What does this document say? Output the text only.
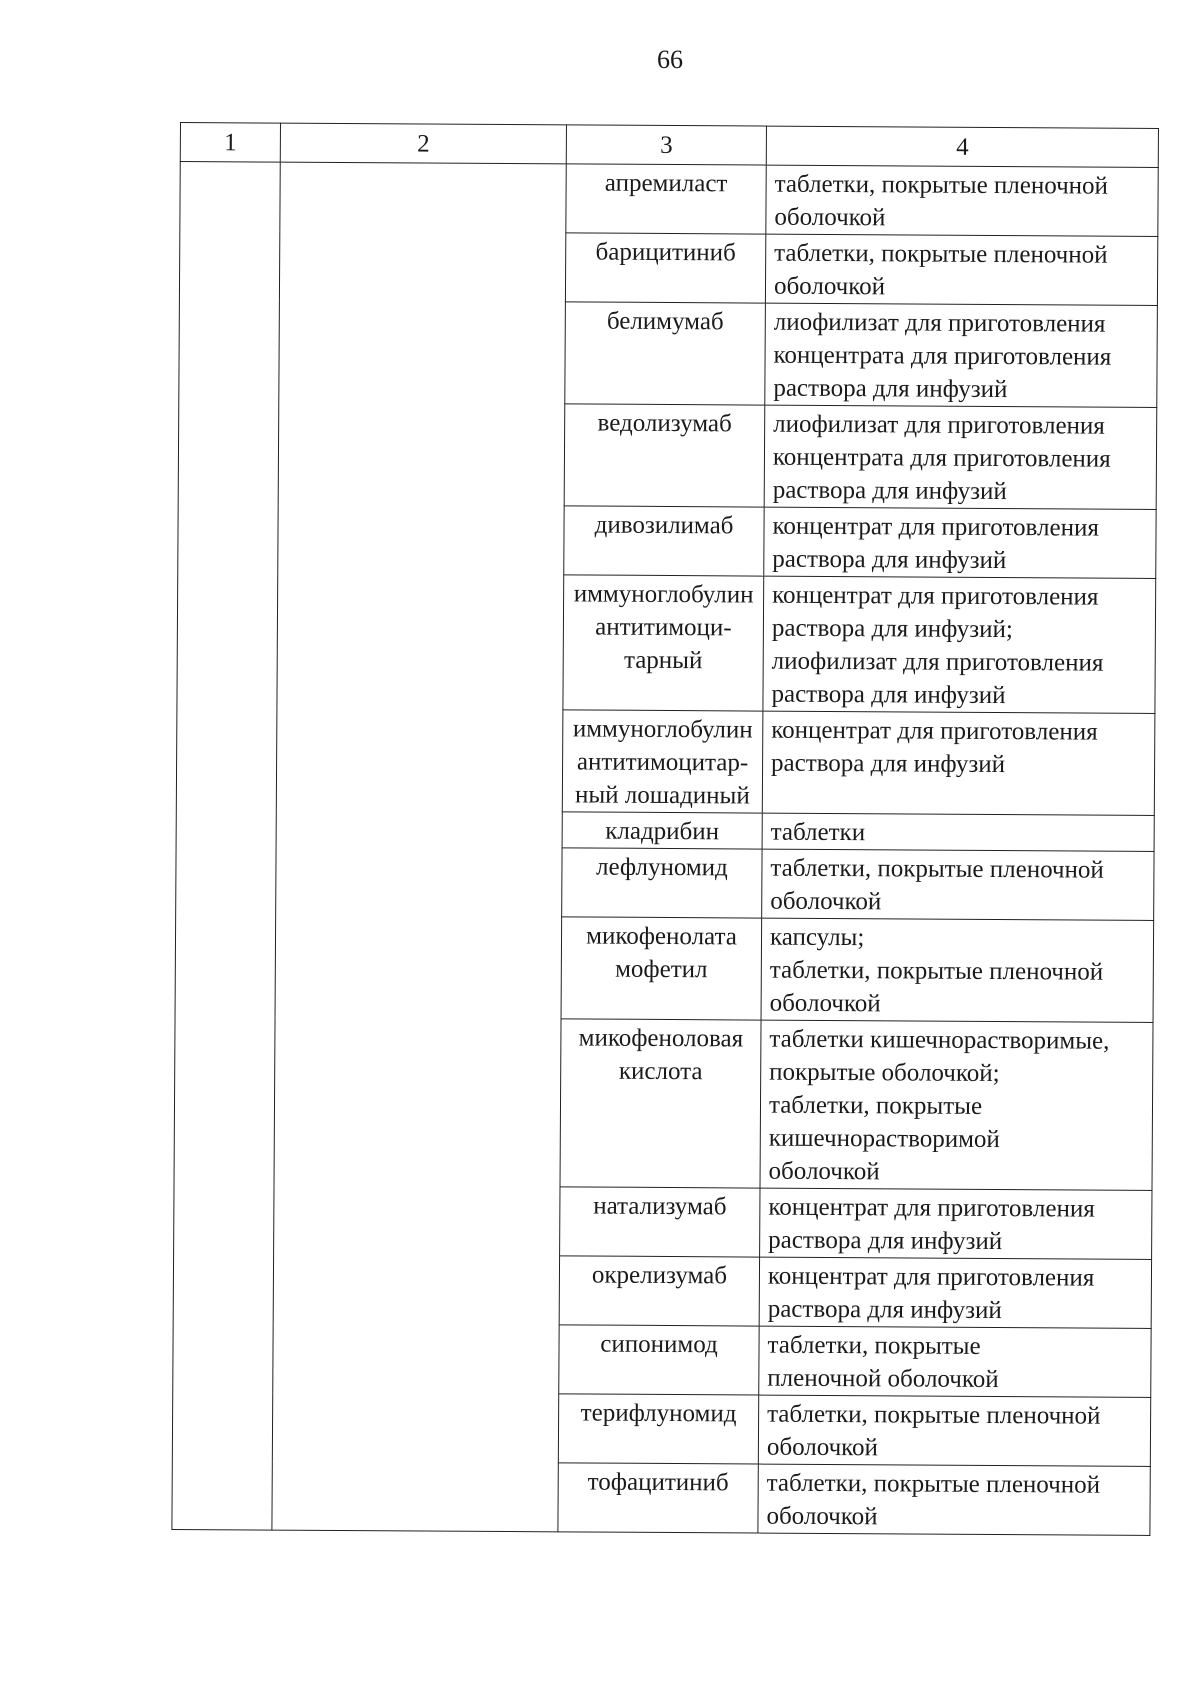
66
1	2	3	4

		апремиласт	таблетки, покрытые пленочной
оболочкой

		барицитиниб	таблетки, покрытые пленочной
оболочкой

		белимумаб	лиофилизат для приготовления
концентрата для приготовления
раствора для инфузий

		ведолизумаб	лиофилизат для приготовления
концентрата для приготовления
раствора для инфузий

		дивозилимаб	концентрат для приготовления
раствора для инфузий

		иммуноглобулин
антитимоци-
тарный	концентрат для приготовления
раствора для инфузий;
лиофилизат для приготовления
раствора для инфузий

		иммуноглобулин
антитимоцитар-
ный лошадиный	концентрат для приготовления
раствора для инфузий

		кладрибин	таблетки

		лефлуномид	таблетки, покрытые пленочной
оболочкой

		микофенолата
мофетил	капсулы;
таблетки, покрытые пленочной
оболочкой

		микофеноловая
кислота	таблетки кишечнорастворимые,
покрытые оболочкой;
таблетки, покрытые
кишечнорастворимой
оболочкой

		натализумаб	концентрат для приготовления
раствора для инфузий

		окрелизумаб	концентрат для приготовления
раствора для инфузий

		сипонимод	таблетки, покрытые
пленочной оболочкой

		терифлуномид	таблетки, покрытые пленочной
оболочкой

		тофацитиниб	таблетки, покрытые пленочной
оболочкой
